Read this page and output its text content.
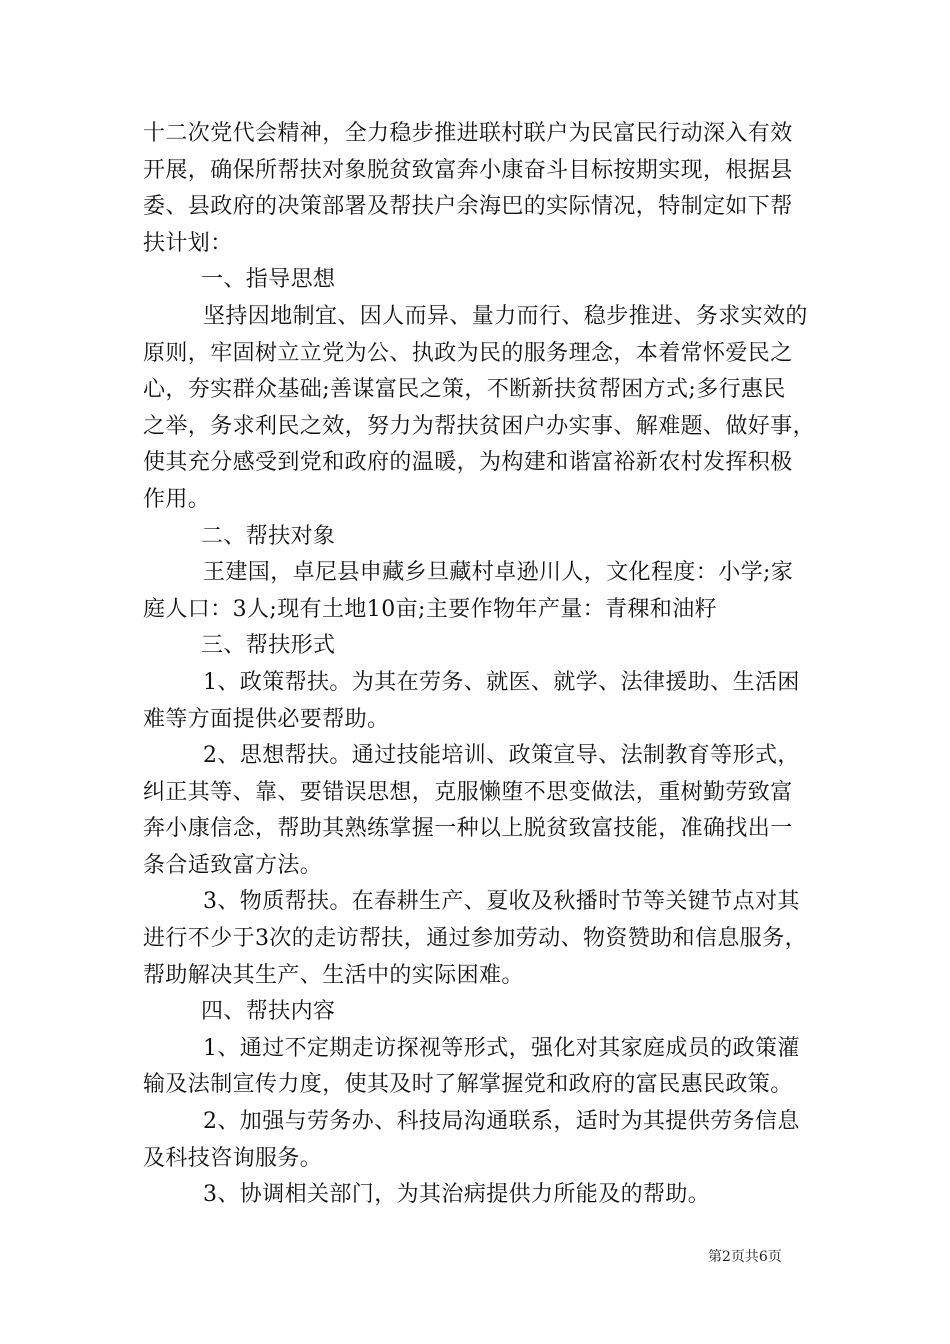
十二次党代会精神，全力稳步推进联村联户为民富民行动深入有效
开展，确保所帮扶对象脱贫致富奔小康奋斗目标按期实现，根据县
委、县政府的决策部署及帮扶户余海巴的实际情况，特制定如下帮
扶计划：
一、指导思想
坚持因地制宜、因人而异、量力而行、稳步推进、务求实效的
原则，牢固树立立党为公、执政为民的服务理念，本着常怀爱民之
心，夯实群众基础;善谋富民之策，不断新扶贫帮困方式;多行惠民
之举，务求利民之效，努力为帮扶贫困户办实事、解难题、做好事，
使其充分感受到党和政府的温暖，为构建和谐富裕新农村发挥积极
作用。
二、帮扶对象
王建国，卓尼县申藏乡旦藏村卓逊川人，文化程度：小学;家
庭人口：3人;现有土地10亩;主要作物年产量：青稞和油籽
三、帮扶形式
1、政策帮扶。为其在劳务、就医、就学、法律援助、生活困
难等方面提供必要帮助。
2、思想帮扶。通过技能培训、政策宣导、法制教育等形式，
纠正其等、靠、要错误思想，克服懒堕不思变做法，重树勤劳致富
奔小康信念，帮助其熟练掌握一种以上脱贫致富技能，准确找出一
条合适致富方法。
3、物质帮扶。在春耕生产、夏收及秋播时节等关键节点对其
进行不少于3次的走访帮扶，通过参加劳动、物资赞助和信息服务，
帮助解决其生产、生活中的实际困难。
四、帮扶内容
1、通过不定期走访探视等形式，强化对其家庭成员的政策灌
输及法制宣传力度，使其及时了解掌握党和政府的富民惠民政策。
2、加强与劳务办、科技局沟通联系，适时为其提供劳务信息
及科技咨询服务。
3、协调相关部门，为其治病提供力所能及的帮助。
第2页共6页
